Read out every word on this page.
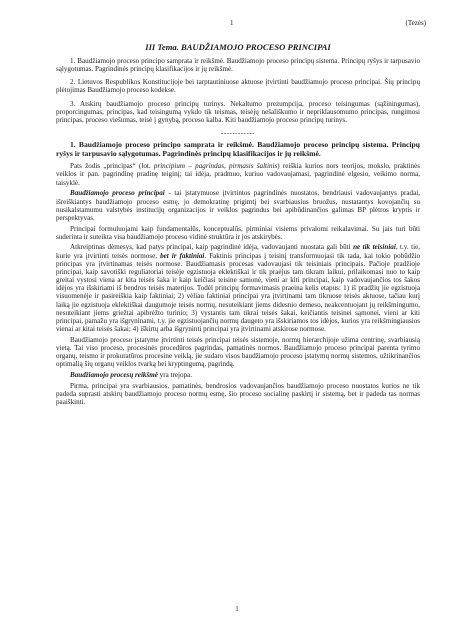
1	(Tezės)
III Tema. BAUDŽIAMOJO PROCESO PRINCIPAI

1. Baudžiamojo proceso principo samprata ir reikšmė. Baudžiamojo proceso principų sistema. Principų ryšys ir tarpusavio sąlygotumas. Pagrindinės principų klasifikacijos ir jų reikšmė.

2. Lietuvos Respublikos Konstitucijoje bei tarptautiniuose aktuose įtvirtinti baudžiamojo proceso principai. Šių principų plėtojimas Baudžiamojo proceso kodekse.

3. Atskirų baudžiamojo proceso principų turinys. Nekaltumo prezumpcija, proceso teisingumas (sąžiningumas), proporcingumas, principas, kad teisingumą vykdo tik teismas, teisėjų nešališkumo ir nepriklausomumo principas, rungimosi principas, proceso viešumas, teisė į gynybą, proceso kalba. Kiti baudžiamojo proceso principų turinys.

------------

1. Baudžiamojo proceso principo samprata ir reikšmė. Baudžiamojo proceso principų sistema. Principų ryšys ir tarpusavio sąlygotumas. Pagrindinės principų klasifikacijos ir jų reikšmė.

Pats žodis „principas“ (lot. principium – pagrindas, pirmasis šaltinis) reiškia kurios nors teorijos, mokslo, praktinės veiklos ir pan. pagrindinę pradinę teiginį; tai idėja, pradmuo, kuriuo vadovaujamasi, pagrindinė elgesio, veikimo norma, taisyklė.

Baudžiamojo proceso principai - tai įstatymuose įtvirtintos pagrindinės nuostatos, bendriausi vadovaujantys pradai, išreiškiantys baudžiamojo proceso esmę, jo demokratinę prigimtį bei svarbiausius bruožus, nustatantys kovojančių su nusikalstamumu valstybės institucijų organizacijos ir veiklos pagrindus bei apibūdinančios galimas BP plėtros kryptis ir perspektyvas.

Principai formuluojami kaip fundamentalūs, konceptualūs, pirminiai visiems privalomi reikalavimai. Su jais turi būti suderinta ir suteikta visa baudžiamojo proceso vidinė struktūra ir jos atskirybės.

Atkreiptinas dėmesys, kad patys principai, kaip pagrindinė idėja, vadovaujanti nuostata gali būti ne tik teisiniai, t.y. tie, kurie yra įtvirtinti teisės normose, bet ir faktiniai. Faktinis principas į teisinį transformuojasi tik tada, kai tokio pobūdžio principas yra įtvirtinamas teisės normose. Baudžiamasis procesas vadovaujasi tik teisiniais principais. Pačioje pradžioje principai, kaip savotiški reguliatoriai teisėje egzistuoja eklektiškai ir tik praėjus tam tikram laikui, prilaikomasi nuo to kaip greitai vystosi viena ar kita teisės šaka ir kaip keičiasi teisine samonė, vieni ar kiti principai, kaip vadovaujančios tos šakos idėjos yra išskiriami iš bendros teisės materijos. Todėl principų formavimasis praeina kelis etapus: 1) iš pradžių jie egzistuoja visuomenėje ir pasireiškia kaip faktiniai; 2) vėliau faktiniai principai yra įtvirtinami tam tikruose teisės aktuose, tačiau kurį laiką jie egzistuoja eklektiškai daugumoje teisės normų, nesuteikiant jiems didesnio demeso, neakcentuojant jų reikšmingumo, nesuteikiant jiems griežtai apibrėžto turinio; 3) vystantis tam tikrai teisės šakai, keičiantis teisinei sąmonei, vieni ar kiti principai, pamažu yra išgryninami, t.y. jie egzistuojančių normų daugeto yra išskiriamos tos idėjos, kurios yra reikšmingiausios vienai ar kitai teisės šakai; 4) iškirtų arba išgryninti principai yra įtvirtinami atskirose normose.

Baudžiamojo proceso įstatyme įtvirtinti teisės principai teisės sistemoje, normų hierarchijoje užima centrinę, svarbiausią vietą. Tai viso proceso, procesinės procedūros pagrindas, pamatinės normos. Baudžiamojo proceso principai parenta tyrimo organų, teismo ir prokuratūros procesine veiklą, jie sudaro visos baudžiamojo proceso įstatymų normų sistemos, užtikrinančios optimalią šių organų veiklos tvarką bei kryptingumą, pagrindą.

Baudžiamojo procesų reikšmė yra trejopa.

Pirma, principai yra svarbiausios, pamatinės, bendrosios vadovaujančios baudžiamojo proceso nuostatos kurios ne tik padeda suprasti atskirų baudžiamojo proceso normų esmę, šio proceso socialinę paskirtį ir sistemą, bet ir padeda tas normas paaiškinti.

1
